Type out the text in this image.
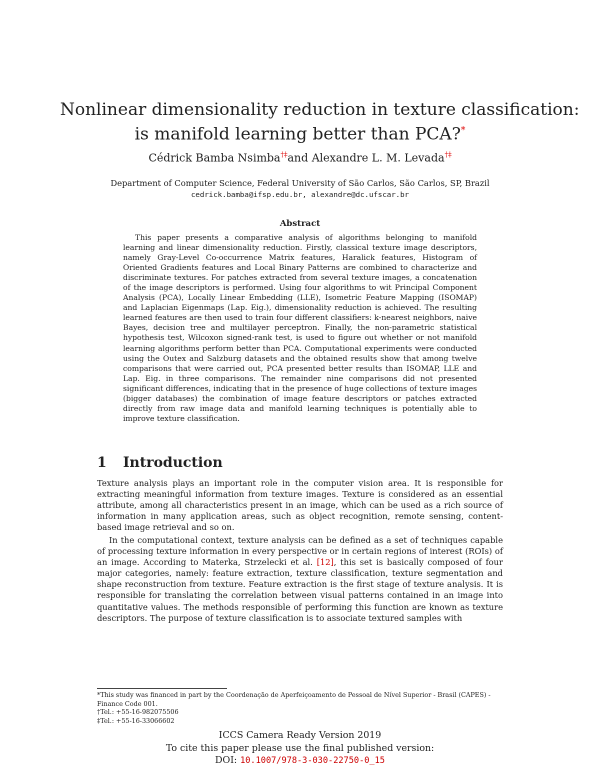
Nonlinear dimensionality reduction in texture classification:
is manifold learning better than PCA?*
Cédrick Bamba Nsimba†‡and Alexandre L. M. Levada†‡
Department of Computer Science, Federal University of São Carlos, São Carlos, SP, Brazil
cedrick.bamba@ifsp.edu.br, alexandre@dc.ufscar.br
Abstract
This paper presents a comparative analysis of algorithms belonging to manifold learning and linear dimensionality reduction. Firstly, classical texture image descriptors, namely Gray-Level Co-occurrence Matrix features, Haralick features, Histogram of Oriented Gradients features and Local Binary Patterns are combined to characterize and discriminate textures. For patches extracted from several texture images, a concatenation of the image descriptors is performed. Using four algorithms to wit Principal Component Analysis (PCA), Locally Linear Embedding (LLE), Isometric Feature Mapping (ISOMAP) and Laplacian Eigenmaps (Lap. Eig.), dimensionality reduction is achieved. The resulting learned features are then used to train four different classifiers: k-nearest neighbors, naive Bayes, decision tree and multilayer perceptron. Finally, the non-parametric statistical hypothesis test, Wilcoxon signed-rank test, is used to figure out whether or not manifold learning algorithms perform better than PCA. Computational experiments were conducted using the Outex and Salzburg datasets and the obtained results show that among twelve comparisons that were carried out, PCA presented better results than ISOMAP, LLE and Lap. Eig. in three comparisons. The remainder nine comparisons did not presented significant differences, indicating that in the presence of huge collections of texture images (bigger databases) the combination of image feature descriptors or patches extracted directly from raw image data and manifold learning techniques is potentially able to improve texture classification.
1 Introduction
Texture analysis plays an important role in the computer vision area. It is responsible for extracting meaningful information from texture images. Texture is considered as an essential attribute, among all characteristics present in an image, which can be used as a rich source of information in many application areas, such as object recognition, remote sensing, content-based image retrieval and so on.
In the computational context, texture analysis can be defined as a set of techniques capable of processing texture information in every perspective or in certain regions of interest (ROIs) of an image. According to Materka, Strzelecki et al. [12], this set is basically composed of four major categories, namely: feature extraction, texture classification, texture segmentation and shape reconstruction from texture. Feature extraction is the first stage of texture analysis. It is responsible for translating the correlation between visual patterns contained in an image into quantitative values. The methods responsible of performing this function are known as texture descriptors. The purpose of texture classification is to associate textured samples with

*This study was financed in part by the Coordenação de Aperfeiçoamento de Pessoal de Nível Superior - Brasil (CAPES) - Finance Code 001.

†Tel.: +55-16-982075506

‡Tel.: +55-16-33066602

ICCS Camera Ready Version 2019
To cite this paper please use the final published version:
DOI: 10.1007/978-3-030-22750-0_15
